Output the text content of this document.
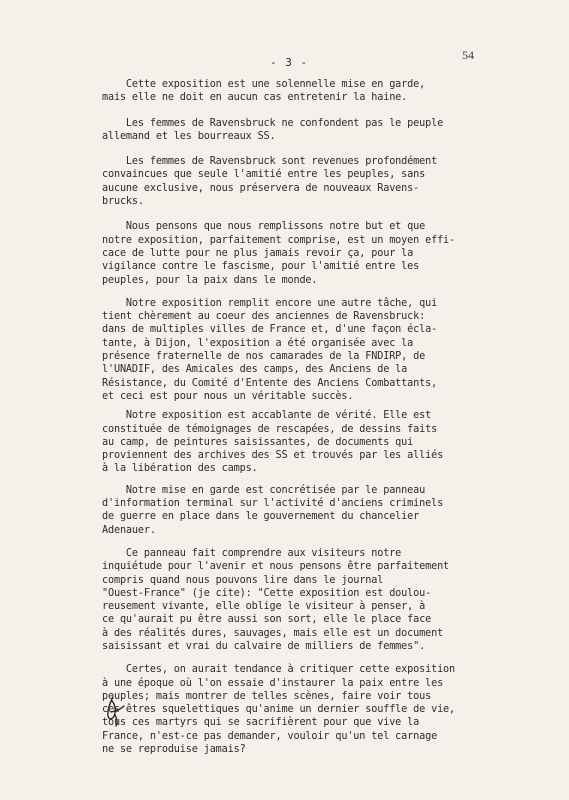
54
- 3 -

Cette exposition est une solennelle mise en garde,
mais elle ne doit en aucun cas entretenir la haine.

Les femmes de Ravensbruck ne confondent pas le peuple
allemand et les bourreaux SS.

Les femmes de Ravensbruck sont revenues profondément
convaincues que seule l'amitié entre les peuples, sans
aucune exclusive, nous préservera de nouveaux Ravens-
brucks.

Nous pensons que nous remplissons notre but et que
notre exposition, parfaitement comprise, est un moyen effi-
cace de lutte pour ne plus jamais revoir ça, pour la
vigilance contre le fascisme, pour l'amitié entre les
peuples, pour la paix dans le monde.

Notre exposition remplit encore une autre tâche, qui
tient chèrement au coeur des anciennes de Ravensbruck:
dans de multiples villes de France et, d'une façon écla-
tante, à Dijon, l'exposition a été organisée avec la
présence fraternelle de nos camarades de la FNDIRP, de
l'UNADIF, des Amicales des camps, des Anciens de la
Résistance, du Comité d'Entente des Anciens Combattants,
et ceci est pour nous un véritable succès.

Notre exposition est accablante de vérité. Elle est
constituée de témoignages de rescapées, de dessins faits
au camp, de peintures saisissantes, de documents qui
proviennent des archives des SS et trouvés par les alliés
à la libération des camps.

Notre mise en garde est concrétisée par le panneau
d'information terminal sur l'activité d'anciens criminels
de guerre en place dans le gouvernement du chancelier
Adenauer.

Ce panneau fait comprendre aux visiteurs notre
inquiétude pour l'avenir et nous pensons être parfaitement
compris quand nous pouvons lire dans le journal
"Ouest-France" (je cite): "Cette exposition est doulou-
reusement vivante, elle oblige le visiteur à penser, à
ce qu'aurait pu être aussi son sort, elle le place face
à des réalités dures, sauvages, mais elle est un document
saisissant et vrai du calvaire de milliers de femmes".

Certes, on aurait tendance à critiquer cette exposition
à une époque où l'on essaie d'instaurer la paix entre les
peuples; mais montrer de telles scènes, faire voir tous
ces êtres squelettiques qu'anime un dernier souffle de vie,
tous ces martyrs qui se sacrifièrent pour que vive la
France, n'est-ce pas demander, vouloir qu'un tel carnage
ne se reproduise jamais?
